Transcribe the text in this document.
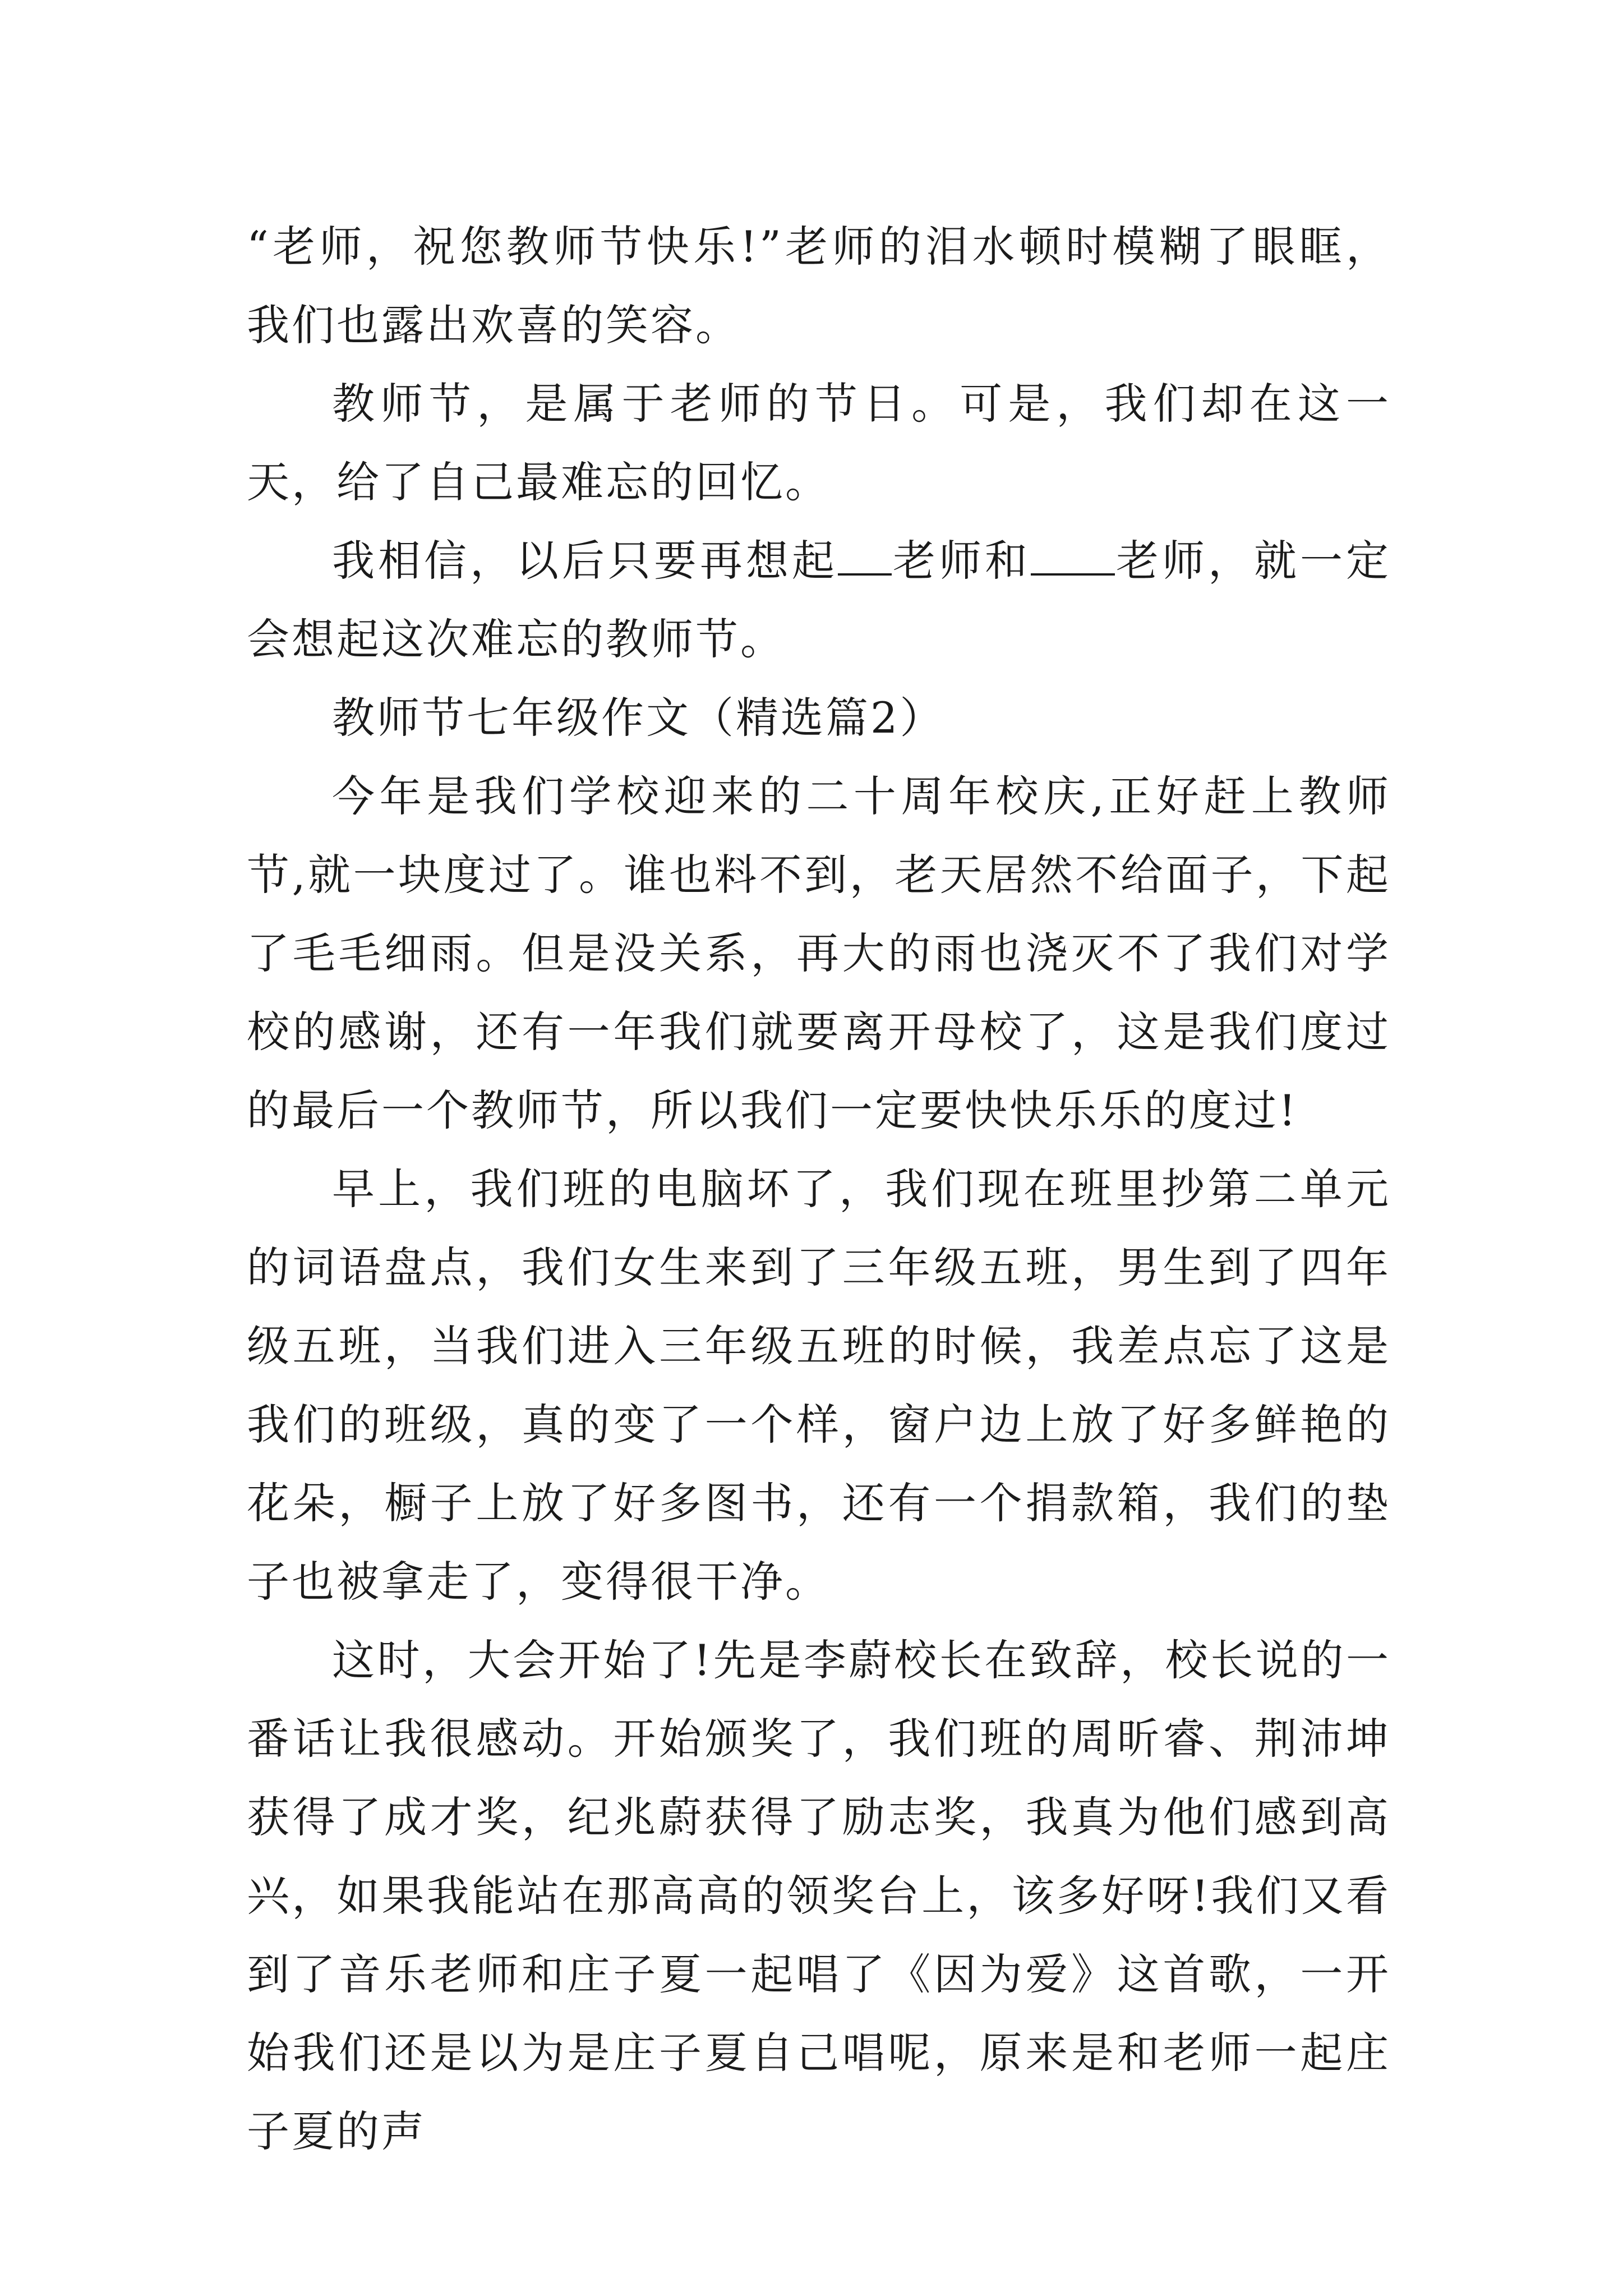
“老师，祝您教师节快乐!”老师的泪水顿时模糊了眼眶，我们也露出欢喜的笑容。

教师节，是属于老师的节日。可是，我们却在这一天，给了自己最难忘的回忆。

我相信，以后只要再想起 老师和 老师，就一定会想起这次难忘的教师节。

教师节七年级作文（精选篇2）

今年是我们学校迎来的二十周年校庆,正好赶上教师节,就一块度过了。谁也料不到，老天居然不给面子，下起了毛毛细雨。但是没关系，再大的雨也浇灭不了我们对学校的感谢，还有一年我们就要离开母校了，这是我们度过的最后一个教师节，所以我们一定要快快乐乐的度过!

早上，我们班的电脑坏了，我们现在班里抄第二单元的词语盘点，我们女生来到了三年级五班，男生到了四年级五班，当我们进入三年级五班的时候，我差点忘了这是我们的班级，真的变了一个样，窗户边上放了好多鲜艳的花朵，橱子上放了好多图书，还有一个捐款箱，我们的垫子也被拿走了，变得很干净。

这时，大会开始了!先是李蔚校长在致辞，校长说的一番话让我很感动。开始颁奖了，我们班的周昕睿、荆沛坤获得了成才奖，纪兆蔚获得了励志奖，我真为他们感到高兴，如果我能站在那高高的领奖台上，该多好呀!我们又看到了音乐老师和庄子夏一起唱了《因为爱》这首歌，一开始我们还是以为是庄子夏自己唱呢，原来是和老师一起庄子夏的声
